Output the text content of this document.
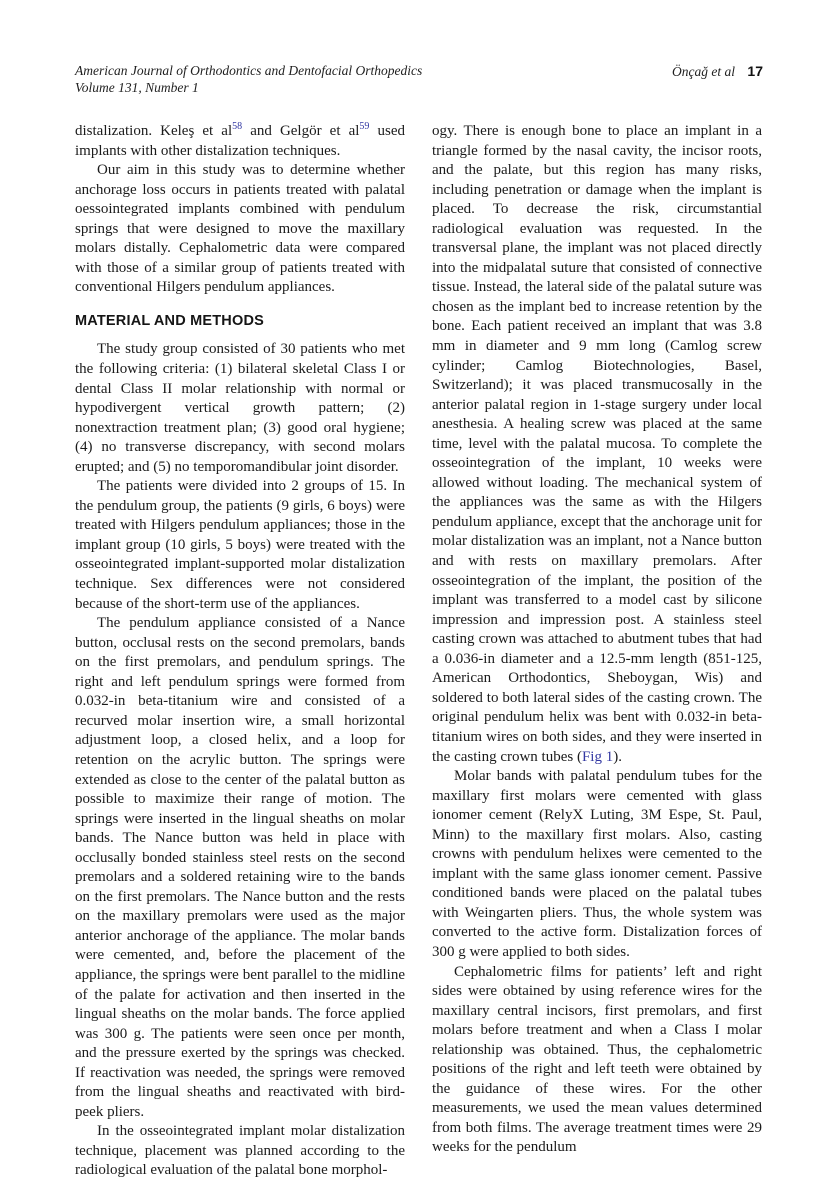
American Journal of Orthodontics and Dentofacial Orthopedics
Volume 131, Number 1
Önçağ et al 17

distalization. Keleş et al$^{58}$ and Gelgör et al$^{59}$ used implants with other distalization techniques.

Our aim in this study was to determine whether anchorage loss occurs in patients treated with palatal oessointegrated implants combined with pendulum springs that were designed to move the maxillary molars distally. Cephalometric data were compared with those of a similar group of patients treated with conventional Hilgers pendulum appliances.

MATERIAL AND METHODS

The study group consisted of 30 patients who met the following criteria: (1) bilateral skeletal Class I or dental Class II molar relationship with normal or hypodivergent vertical growth pattern; (2) nonextraction treatment plan; (3) good oral hygiene; (4) no transverse discrepancy, with second molars erupted; and (5) no temporomandibular joint disorder.

The patients were divided into 2 groups of 15. In the pendulum group, the patients (9 girls, 6 boys) were treated with Hilgers pendulum appliances; those in the implant group (10 girls, 5 boys) were treated with the osseointegrated implant-supported molar distalization technique. Sex differences were not considered because of the short-term use of the appliances.

The pendulum appliance consisted of a Nance button, occlusal rests on the second premolars, bands on the first premolars, and pendulum springs. The right and left pendulum springs were formed from 0.032-in beta-titanium wire and consisted of a recurved molar insertion wire, a small horizontal adjustment loop, a closed helix, and a loop for retention on the acrylic button. The springs were extended as close to the center of the palatal button as possible to maximize their range of motion. The springs were inserted in the lingual sheaths on molar bands. The Nance button was held in place with occlusally bonded stainless steel rests on the second premolars and a soldered retaining wire to the bands on the first premolars. The Nance button and the rests on the maxillary premolars were used as the major anterior anchorage of the appliance. The molar bands were cemented, and, before the placement of the appliance, the springs were bent parallel to the midline of the palate for activation and then inserted in the lingual sheaths on the molar bands. The force applied was 300 g. The patients were seen once per month, and the pressure exerted by the springs was checked. If reactivation was needed, the springs were removed from the lingual sheaths and reactivated with bird-peek pliers.

In the osseointegrated implant molar distalization technique, placement was planned according to the radiological evaluation of the palatal bone morphol-

ogy. There is enough bone to place an implant in a triangle formed by the nasal cavity, the incisor roots, and the palate, but this region has many risks, including penetration or damage when the implant is placed. To decrease the risk, circumstantial radiological evaluation was requested. In the transversal plane, the implant was not placed directly into the midpalatal suture that consisted of connective tissue. Instead, the lateral side of the palatal suture was chosen as the implant bed to increase retention by the bone. Each patient received an implant that was 3.8 mm in diameter and 9 mm long (Camlog screw cylinder; Camlog Biotechnologies, Basel, Switzerland); it was placed transmucosally in the anterior palatal region in 1-stage surgery under local anesthesia. A healing screw was placed at the same time, level with the palatal mucosa. To complete the osseointegration of the implant, 10 weeks were allowed without loading. The mechanical system of the appliances was the same as with the Hilgers pendulum appliance, except that the anchorage unit for molar distalization was an implant, not a Nance button and with rests on maxillary premolars. After osseointegration of the implant, the position of the implant was transferred to a model cast by silicone impression and impression post. A stainless steel casting crown was attached to abutment tubes that had a 0.036-in diameter and a 12.5-mm length (851-125, American Orthodontics, Sheboygan, Wis) and soldered to both lateral sides of the casting crown. The original pendulum helix was bent with 0.032-in beta-titanium wires on both sides, and they were inserted in the casting crown tubes (Fig 1).

Molar bands with palatal pendulum tubes for the maxillary first molars were cemented with glass ionomer cement (RelyX Luting, 3M Espe, St. Paul, Minn) to the maxillary first molars. Also, casting crowns with pendulum helixes were cemented to the implant with the same glass ionomer cement. Passive conditioned bands were placed on the palatal tubes with Weingarten pliers. Thus, the whole system was converted to the active form. Distalization forces of 300 g were applied to both sides.

Cephalometric films for patients’ left and right sides were obtained by using reference wires for the maxillary central incisors, first premolars, and first molars before treatment and when a Class I molar relationship was obtained. Thus, the cephalometric positions of the right and left teeth were obtained by the guidance of these wires. For the other measurements, we used the mean values determined from both films. The average treatment times were 29 weeks for the pendulum
